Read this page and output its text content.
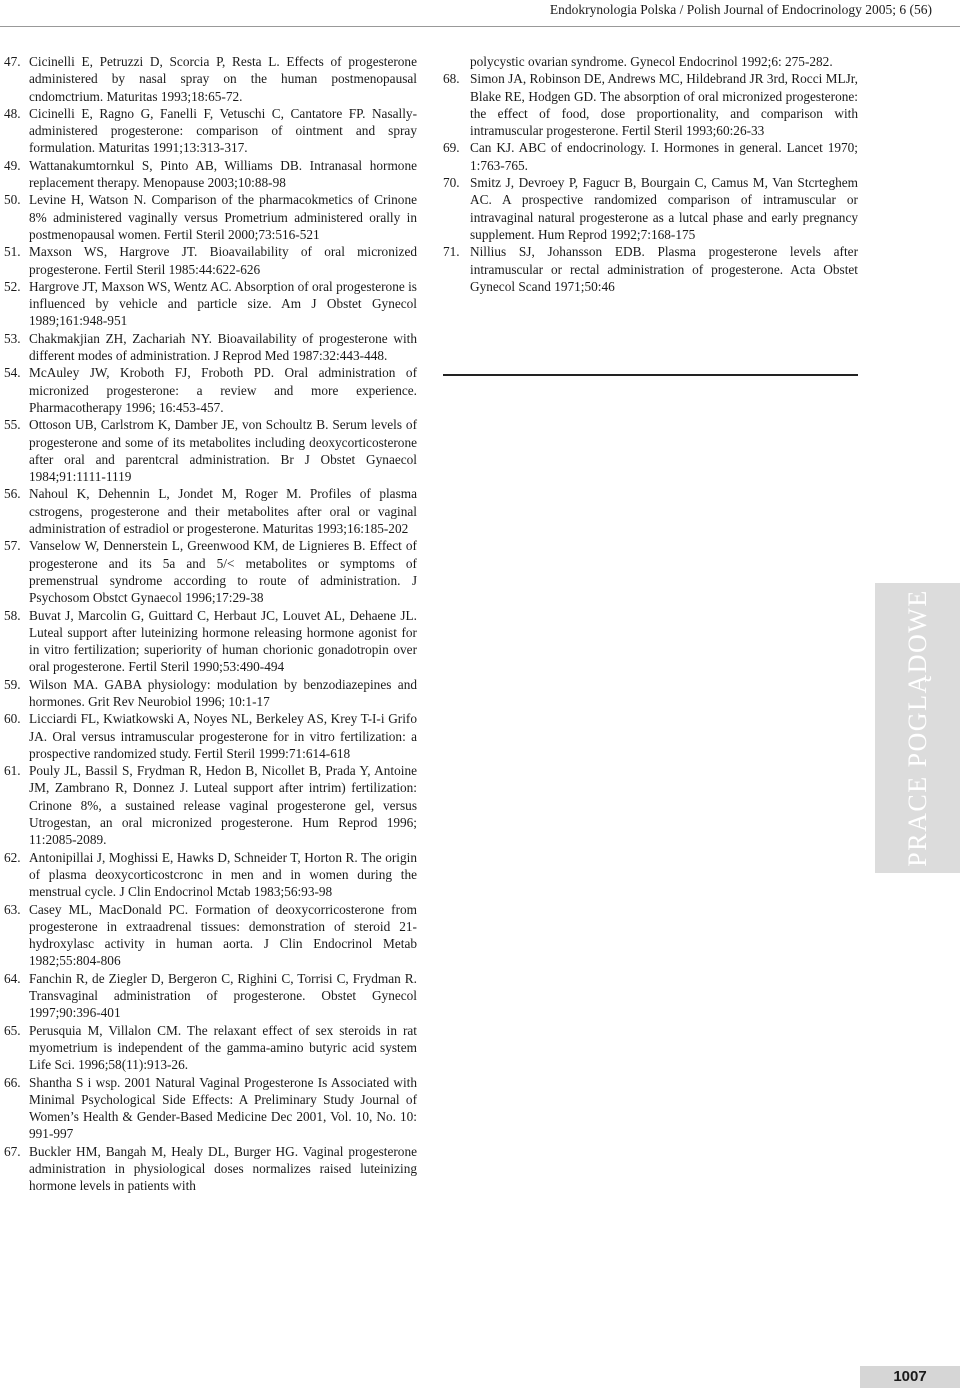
Endokrynologia Polska / Polish Journal of Endocrinology 2005; 6 (56)
47. Cicinelli E, Petruzzi D, Scorcia P, Resta L. Effects of progesterone administered by nasal spray on the human postmenopausal cndomctrium. Maturitas 1993;18:65-72.
48. Cicinelli E, Ragno G, Fanelli F, Vetuschi C, Cantatore FP. Nasally-administered progesterone: comparison of ointment and spray formulation. Maturitas 1991;13:313-317.
49. Wattanakumtornkul S, Pinto AB, Williams DB. Intranasal hormone replacement therapy. Menopause 2003;10:88-98
50. Levine H, Watson N. Comparison of the pharmacokmetics of Crinone 8% administered vaginally versus Prometrium administered orally in postmenopausal women. Fertil Steril 2000;73:516-521
51. Maxson WS, Hargrove JT. Bioavailability of oral micronized progesterone. Fertil Steril 1985:44:622-626
52. Hargrove JT, Maxson WS, Wentz AC. Absorption of oral progesterone is influenced by vehicle and particle size. Am J Obstet Gynecol 1989;161:948-951
53. Chakmakjian ZH, Zachariah NY. Bioavailability of progesterone with different modes of administration. J Reprod Med 1987:32:443-448.
54. McAuley JW, Kroboth FJ, Froboth PD. Oral administration of micronized progesterone: a review and more experience. Pharmacotherapy 1996; 16:453-457.
55. Ottoson UB, Carlstrom K, Damber JE, von Schoultz B. Serum levels of progesterone and some of its metabolites including deoxycorticosterone after oral and parentcral administration. Br J Obstet Gynaecol 1984;91:1111-1119
56. Nahoul K, Dehennin L, Jondet M, Roger M. Profiles of plasma cstrogens, progesterone and their metabolites after oral or vaginal administration of estradiol or progesterone. Maturitas 1993;16:185-202
57. Vanselow W, Dennerstein L, Greenwood KM, de Lignieres B. Effect of progesterone and its 5a and 5/< metabolites or symptoms of premenstrual syndrome according to route of administration. J Psychosom Obstct Gynaecol 1996;17:29-38
58. Buvat J, Marcolin G, Guittard C, Herbaut JC, Louvet AL, Dehaene JL. Luteal support after luteinizing hormone releasing hormone agonist for in vitro fertilization; superiority of human chorionic gonadotropin over oral progesterone. Fertil Steril 1990;53:490-494
59. Wilson MA. GABA physiology: modulation by benzodiazepines and hormones. Grit Rev Neurobiol 1996; 10:1-17
60. Licciardi FL, Kwiatkowski A, Noyes NL, Berkeley AS, Krey T-I-i Grifo JA. Oral versus intramuscular progesterone for in vitro fertilization: a prospective randomized study. Fertil Steril 1999:71:614-618
61. Pouly JL, Bassil S, Frydman R, Hedon B, Nicollet B, Prada Y, Antoine JM, Zambrano R, Donnez J. Luteal support after intrim) fertilization: Crinone 8%, a sustained release vaginal progesterone gel, versus Utrogestan, an oral micronized progesterone. Hum Reprod 1996; 11:2085-2089.
62. Antonipillai J, Moghissi E, Hawks D, Schneider T, Horton R. The origin of plasma deoxycorticostcronc in men and in women during the menstrual cycle. J Clin Endocrinol Mctab 1983;56:93-98
63. Casey ML, MacDonald PC. Formation of deoxycorricosterone from progesterone in extraadrenal tissues: demonstration of steroid 21-hydroxylasc activity in human aorta. J Clin Endocrinol Metab 1982;55:804-806
64. Fanchin R, de Ziegler D, Bergeron C, Righini C, Torrisi C, Frydman R. Transvaginal administration of progesterone. Obstet Gynecol 1997;90:396-401
65. Perusquia M, Villalon CM. The relaxant effect of sex steroids in rat myometrium is independent of the gamma-amino butyric acid system Life Sci. 1996;58(11):913-26.
66. Shantha S i wsp. 2001 Natural Vaginal Progesterone Is Associated with Minimal Psychological Side Effects: A Preliminary Study Journal of Women’s Health & Gender-Based Medicine Dec 2001, Vol. 10, No. 10: 991-997
67. Buckler HM, Bangah M, Healy DL, Burger HG. Vaginal progesterone administration in physiological doses normalizes raised luteinizing hormone levels in patients with
polycystic ovarian syndrome. Gynecol Endocrinol 1992;6: 275-282.
68. Simon JA, Robinson DE, Andrews MC, Hildebrand JR 3rd, Rocci MLJr, Blake RE, Hodgen GD. The absorption of oral micronized progesterone: the effect of food, dose proportionality, and comparison with intramuscular progesterone. Fertil Steril 1993;60:26-33
69. Can KJ. ABC of endocrinology. I. Hormones in general. Lancet 1970; 1:763-765.
70. Smitz J, Devroey P, Fagucr B, Bourgain C, Camus M, Van Stcrteghem AC. A prospective randomized comparison of intramuscular or intravaginal natural progesterone as a lutcal phase and early pregnancy supplement. Hum Reprod 1992;7:168-175
71. Nillius SJ, Johansson EDB. Plasma progesterone levels after intramuscular or rectal administration of progesterone. Acta Obstet Gynecol Scand 1971;50:46
PRACE POGLĄDOWE
1007
